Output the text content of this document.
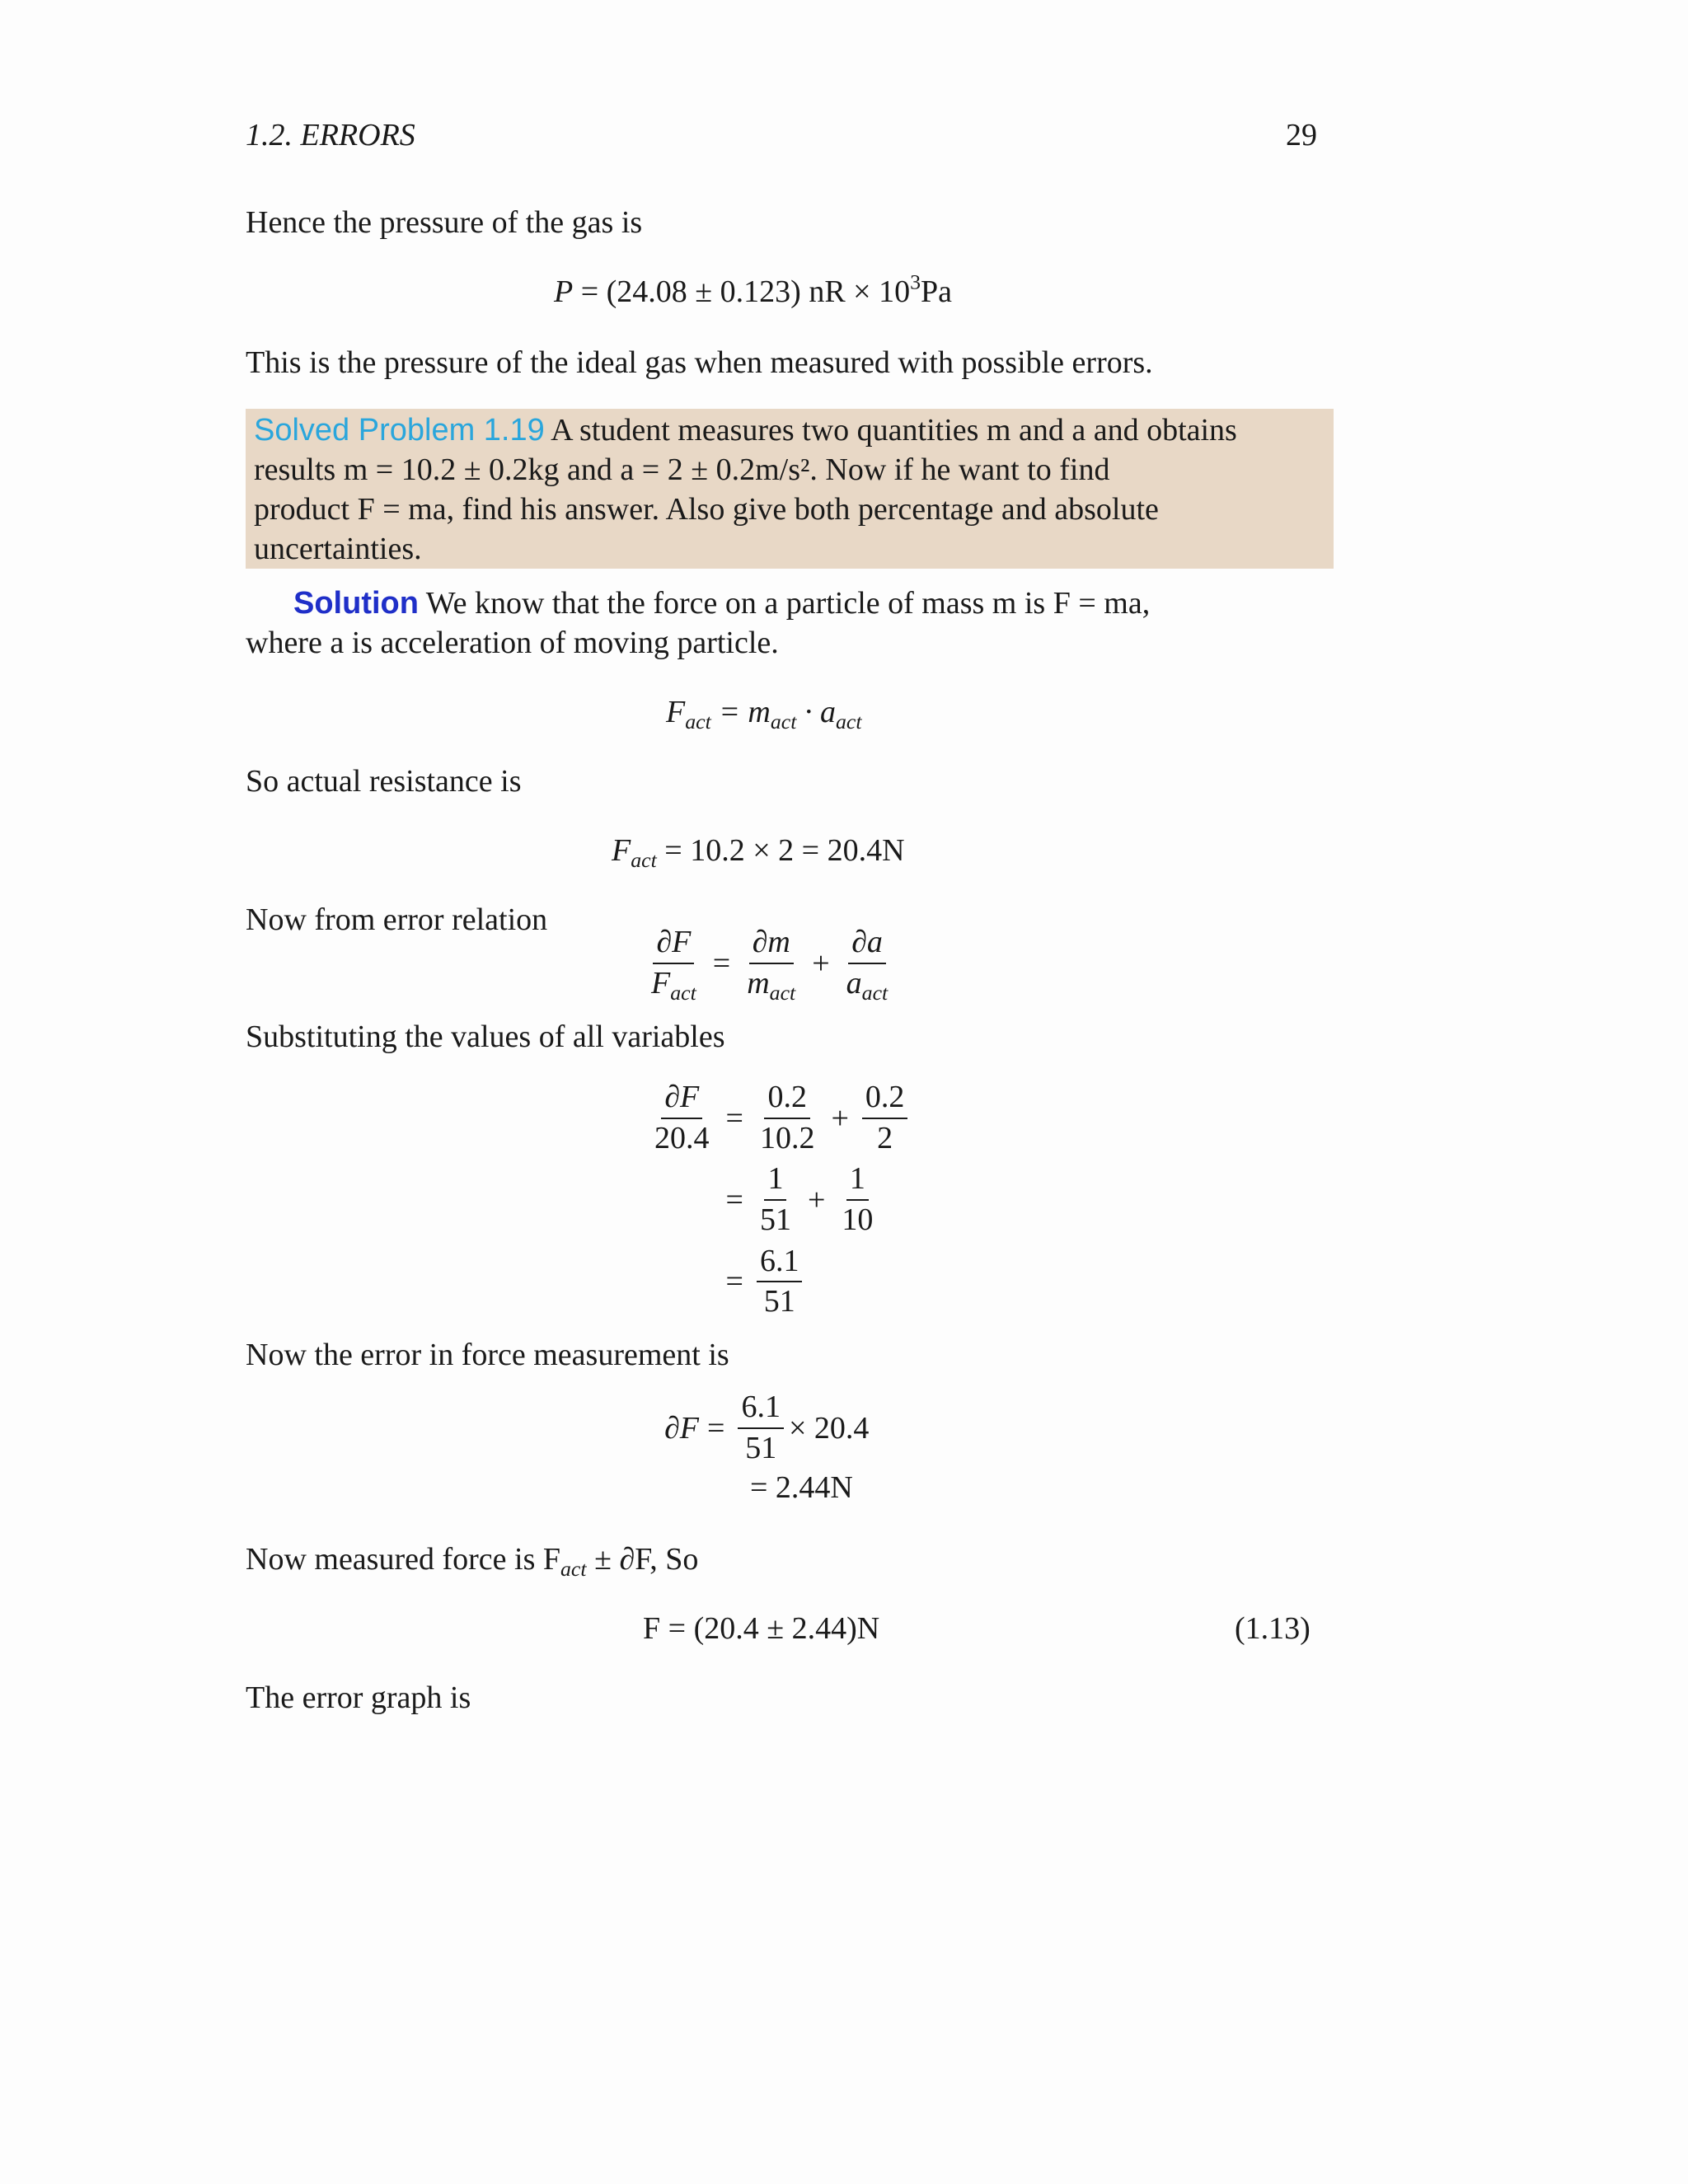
1.2. ERRORS	29
Hence the pressure of the gas is
P = (24.08 ± 0.123) nR × $10^3Pa$
This is the pressure of the ideal gas when measured with possible errors.
Solved Problem 1.19 A student measures two quantities m and a and obtains
results m = 10.2 ± 0.2kg and a = 2 ± 0.2m/s². Now if he want to find
product F = ma, find his answer. Also give both percentage and absolute
uncertainties.
Solution We know that the force on a particle of mass m is F = ma,
where a is acceleration of moving particle.
$F_{act} = m_{act} \cdot a_{act}$
So actual resistance is
$F_{act} = 10.2 \times 2 = 20.4N$
Now from error relation
$\frac{\partial F}{F_{act}} = \frac{\partial m}{m_{act}} + \frac{\partial a}{a_{act}}$
Substituting the values of all variables
$\frac{\partial F}{20.4} = \frac{0.2}{10.2} + \frac{0.2}{2}$
= $\frac{1}{51} + \frac{1}{10}$
= $\frac{6.1}{51}$
Now the error in force measurement is
$\partial F = \frac{6.1}{51} \times 20.4$
= 2.44N
Now measured force is $F_{act} \pm \partial F$, So
F = (20.4 ± 2.44)N	(1.13)
The error graph is
